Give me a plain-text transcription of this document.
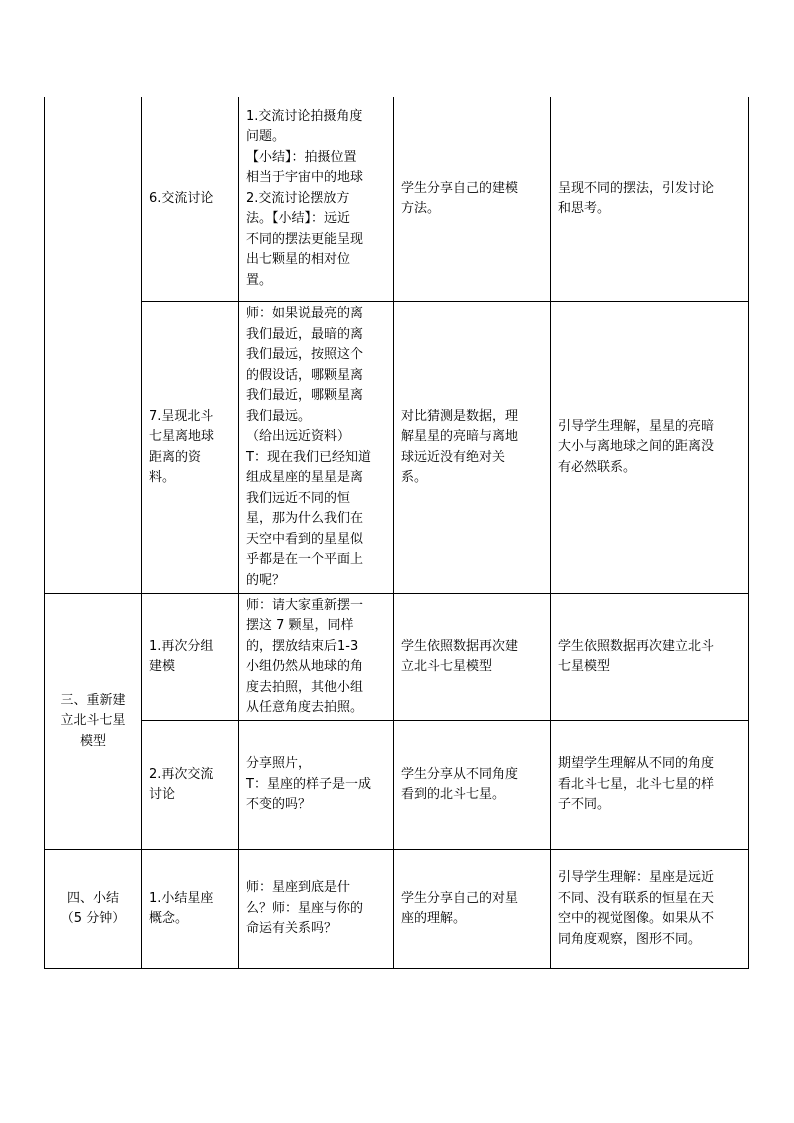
6.交流讨论

1.交流讨论拍摄角度

问题。

【小结】：拍摄位置

相当于宇宙中的地球

2.交流讨论摆放方

法。【小结】：远近

不同的摆法更能呈现

出七颗星的相对位

置。

学生分享自己的建模

方法。

呈现不同的摆法，引发讨论

和思考。

7.呈现北斗

七星离地球

距离的资

料。

师：如果说最亮的离

我们最近，最暗的离

我们最远，按照这个

的假设话，哪颗星离

我们最近，哪颗星离

我们最远。

（给出远近资料）

T：现在我们已经知道

组成星座的星星是离

我们远近不同的恒

星，那为什么我们在

天空中看到的星星似

乎都是在一个平面上

的呢？

对比猜测是数据，理

解星星的亮暗与离地

球远近没有绝对关

系。

引导学生理解，星星的亮暗

大小与离地球之间的距离没

有必然联系。

三、重新建

立北斗七星

模型

1.再次分组

建模

师：请大家重新摆一

摆这 7 颗星，同样

的，摆放结束后1-3

小组仍然从地球的角

度去拍照，其他小组

从任意角度去拍照。

学生依照数据再次建

立北斗七星模型

学生依照数据再次建立北斗

七星模型

2.再次交流

讨论

分享照片，

T：星座的样子是一成

不变的吗？

学生分享从不同角度

看到的北斗七星。

期望学生理解从不同的角度

看北斗七星，北斗七星的样

子不同。

四、小结

（5 分钟）

1.小结星座

概念。

师：星座到底是什

么？师：星座与你的

命运有关系吗？

学生分享自己的对星

座的理解。

引导学生理解：星座是远近

不同、没有联系的恒星在天

空中的视觉图像。如果从不

同角度观察，图形不同。
